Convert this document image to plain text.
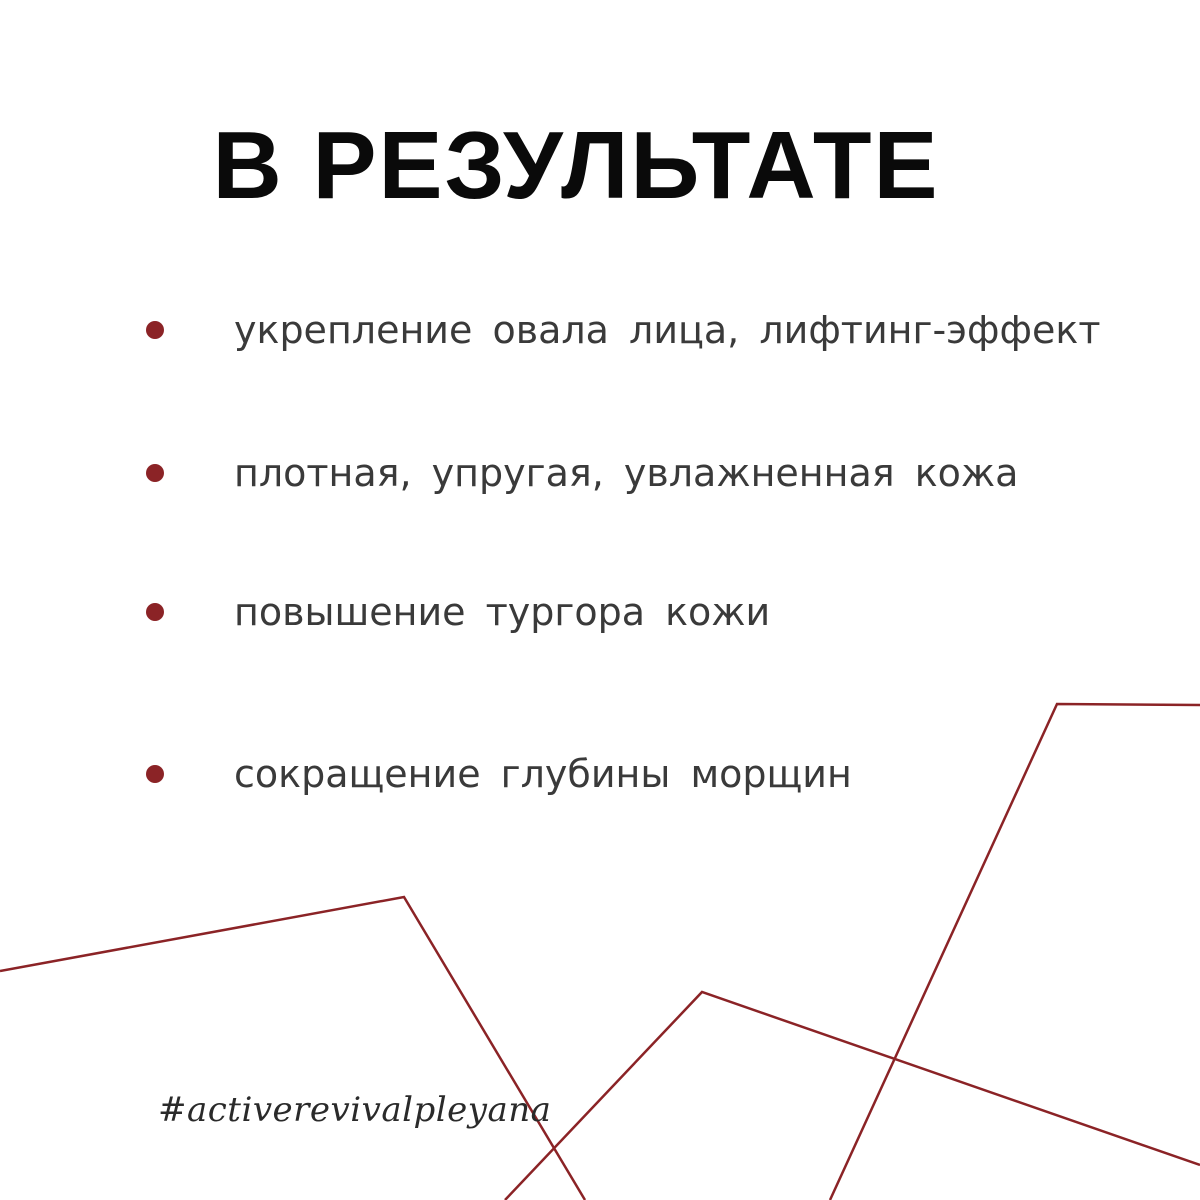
В РЕЗУЛЬТАТЕ
укрепление овала лица, лифтинг-эффект
плотная, упругая, увлажненная кожа
повышение тургора кожи
сокращение глубины морщин
#activerevivalpleyana
